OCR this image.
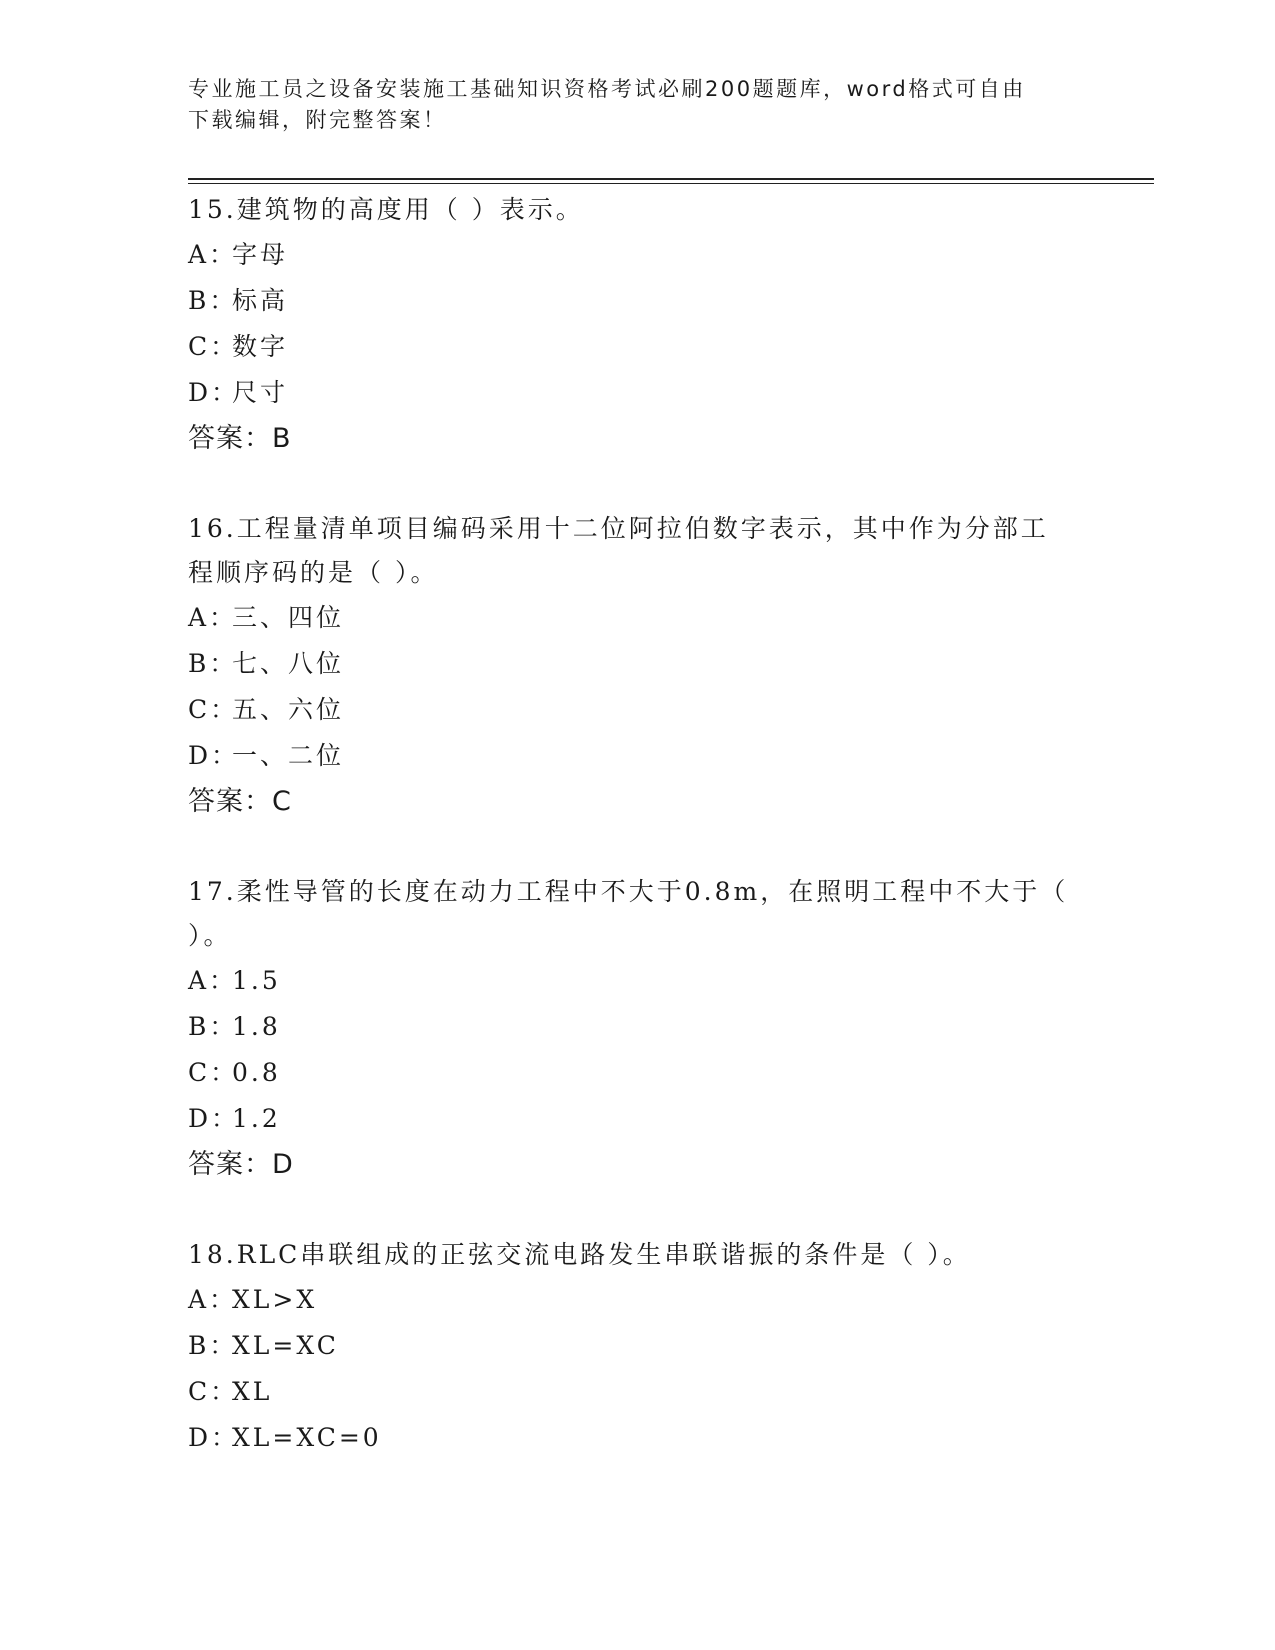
专业施工员之设备安装施工基础知识资格考试必刷200题题库，word格式可自由
下载编辑，附完整答案！
15.建筑物的高度用（ ）表示。
A：字母
B：标高
C：数字
D：尺寸
答案：B
16.工程量清单项目编码采用十二位阿拉伯数字表示，其中作为分部工
程顺序码的是（ ）。
A：三、四位
B：七、八位
C：五、六位
D：一、二位
答案：C
17.柔性导管的长度在动力工程中不大于0.8m，在照明工程中不大于（
）。
A：1.5
B：1.8
C：0.8
D：1.2
答案：D
18.RLC串联组成的正弦交流电路发生串联谐振的条件是（ ）。
A：XL>X
B：XL=XC
C：XL
D：XL=XC=0
